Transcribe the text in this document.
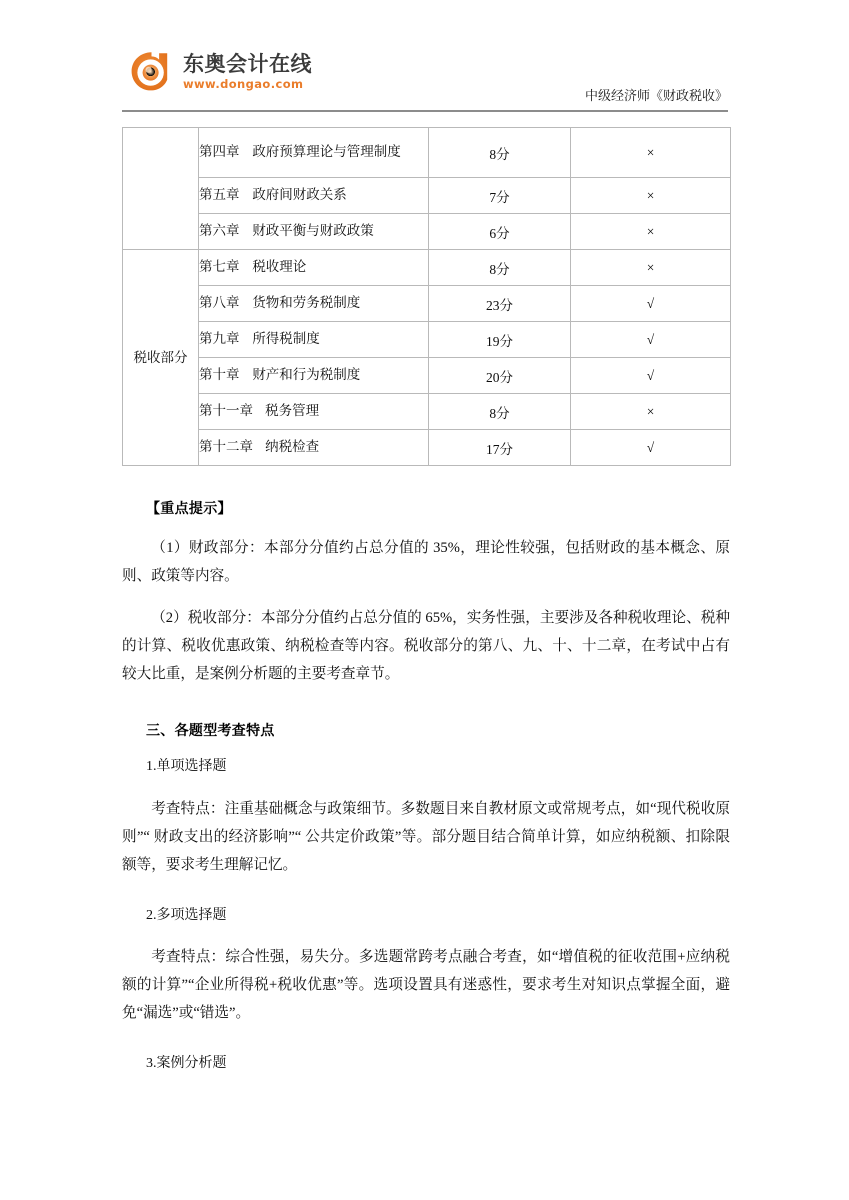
东奥会计在线
www.dongao.com
中级经济师《财政税收》
	第四章 政府预算理论与管理制度	8分	×
	第五章 政府间财政关系	7分	×
	第六章 财政平衡与财政政策	6分	×
税收部分	第七章 税收理论	8分	×
	第八章 货物和劳务税制度	23分	√
	第九章 所得税制度	19分	√
	第十章 财产和行为税制度	20分	√
	第十一章 税务管理	8分	×
	第十二章 纳税检查	17分	√
【重点提示】

（1）财政部分：本部分分值约占总分值的 35%，理论性较强，包括财政的基本概念、原则、政策等内容。

（2）税收部分：本部分分值约占总分值的 65%，实务性强，主要涉及各种税收理论、税种的计算、税收优惠政策、纳税检查等内容。税收部分的第八、九、十、十二章，在考试中占有较大比重，是案例分析题的主要考查章节。

三、各题型考查特点
1.单项选择题

考查特点：注重基础概念与政策细节。多数题目来自教材原文或常规考点，如“现代税收原则”“ 财政支出的经济影响”“ 公共定价政策”等。部分题目结合简单计算，如应纳税额、扣除限额等，要求考生理解记忆。

2.多项选择题

考查特点：综合性强，易失分。多选题常跨考点融合考查，如“增值税的征收范围+应纳税额的计算”“企业所得税+税收优惠”等。选项设置具有迷惑性，要求考生对知识点掌握全面，避免“漏选”或“错选”。

3.案例分析题
